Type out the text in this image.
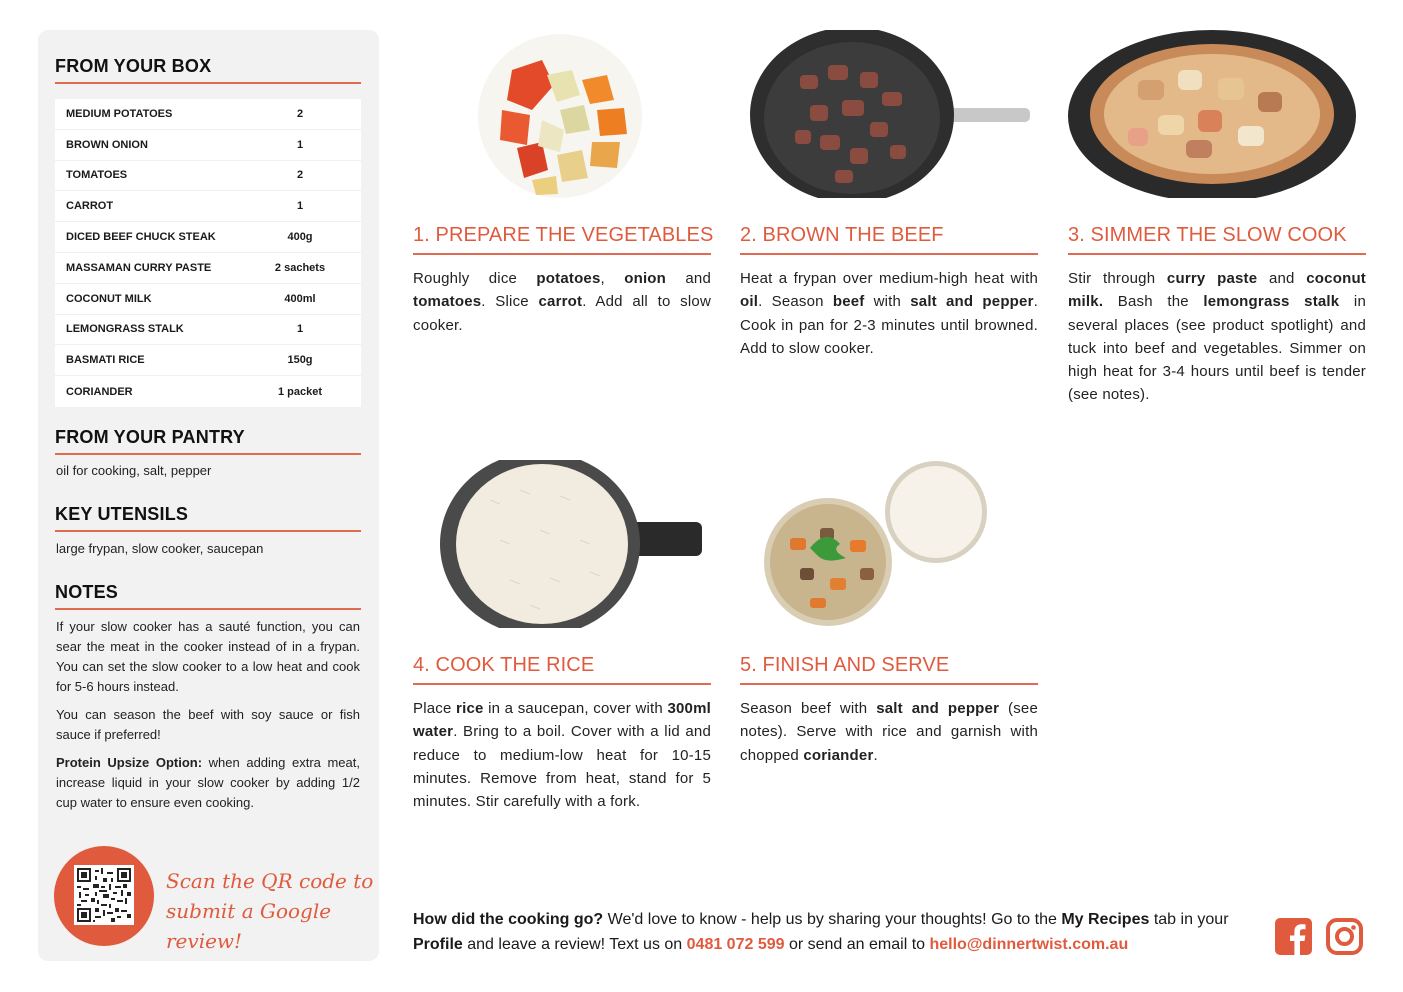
FROM YOUR BOX
MEDIUM POTATOES	2
BROWN ONION	1
TOMATOES	2
CARROT	1
DICED BEEF CHUCK STEAK	400g
MASSAMAN CURRY PASTE	2 sachets
COCONUT MILK	400ml
LEMONGRASS STALK	1
BASMATI RICE	150g
CORIANDER	1 packet
FROM YOUR PANTRY
oil for cooking, salt, pepper
KEY UTENSILS
large frypan, slow cooker, saucepan
NOTES

If your slow cooker has a sauté function, you can sear the meat in the cooker instead of in a frypan. You can set the slow cooker to a low heat and cook for 5-6 hours instead.

You can season the beef with soy sauce or fish sauce if preferred!

Protein Upsize Option: when adding extra meat, increase liquid in your slow cooker by adding 1/2 cup water to ensure even cooking.

Scan the QR code to
submit a Google review!
1. PREPARE THE VEGETABLES
Roughly dice potatoes, onion and tomatoes. Slice carrot. Add all to slow cooker.
2. BROWN THE BEEF
Heat a frypan over medium-high heat with oil. Season beef with salt and pepper. Cook in pan for 2-3 minutes until browned. Add to slow cooker.
3. SIMMER THE SLOW COOK
Stir through curry paste and coconut milk. Bash the lemongrass stalk in several places (see product spotlight) and tuck into beef and vegetables. Simmer on high heat for 3-4 hours until beef is tender (see notes).
4. COOK THE RICE
Place rice in a saucepan, cover with 300ml water. Bring to a boil. Cover with a lid and reduce to medium-low heat for 10-15 minutes. Remove from heat, stand for 5 minutes. Stir carefully with a fork.
5. FINISH AND SERVE
Season beef with salt and pepper (see notes). Serve with rice and garnish with chopped coriander.
How did the cooking go? We'd love to know - help us by sharing your thoughts! Go to the My Recipes tab in your Profile and leave a review! Text us on 0481 072 599 or send an email to hello@dinnertwist.com.au
